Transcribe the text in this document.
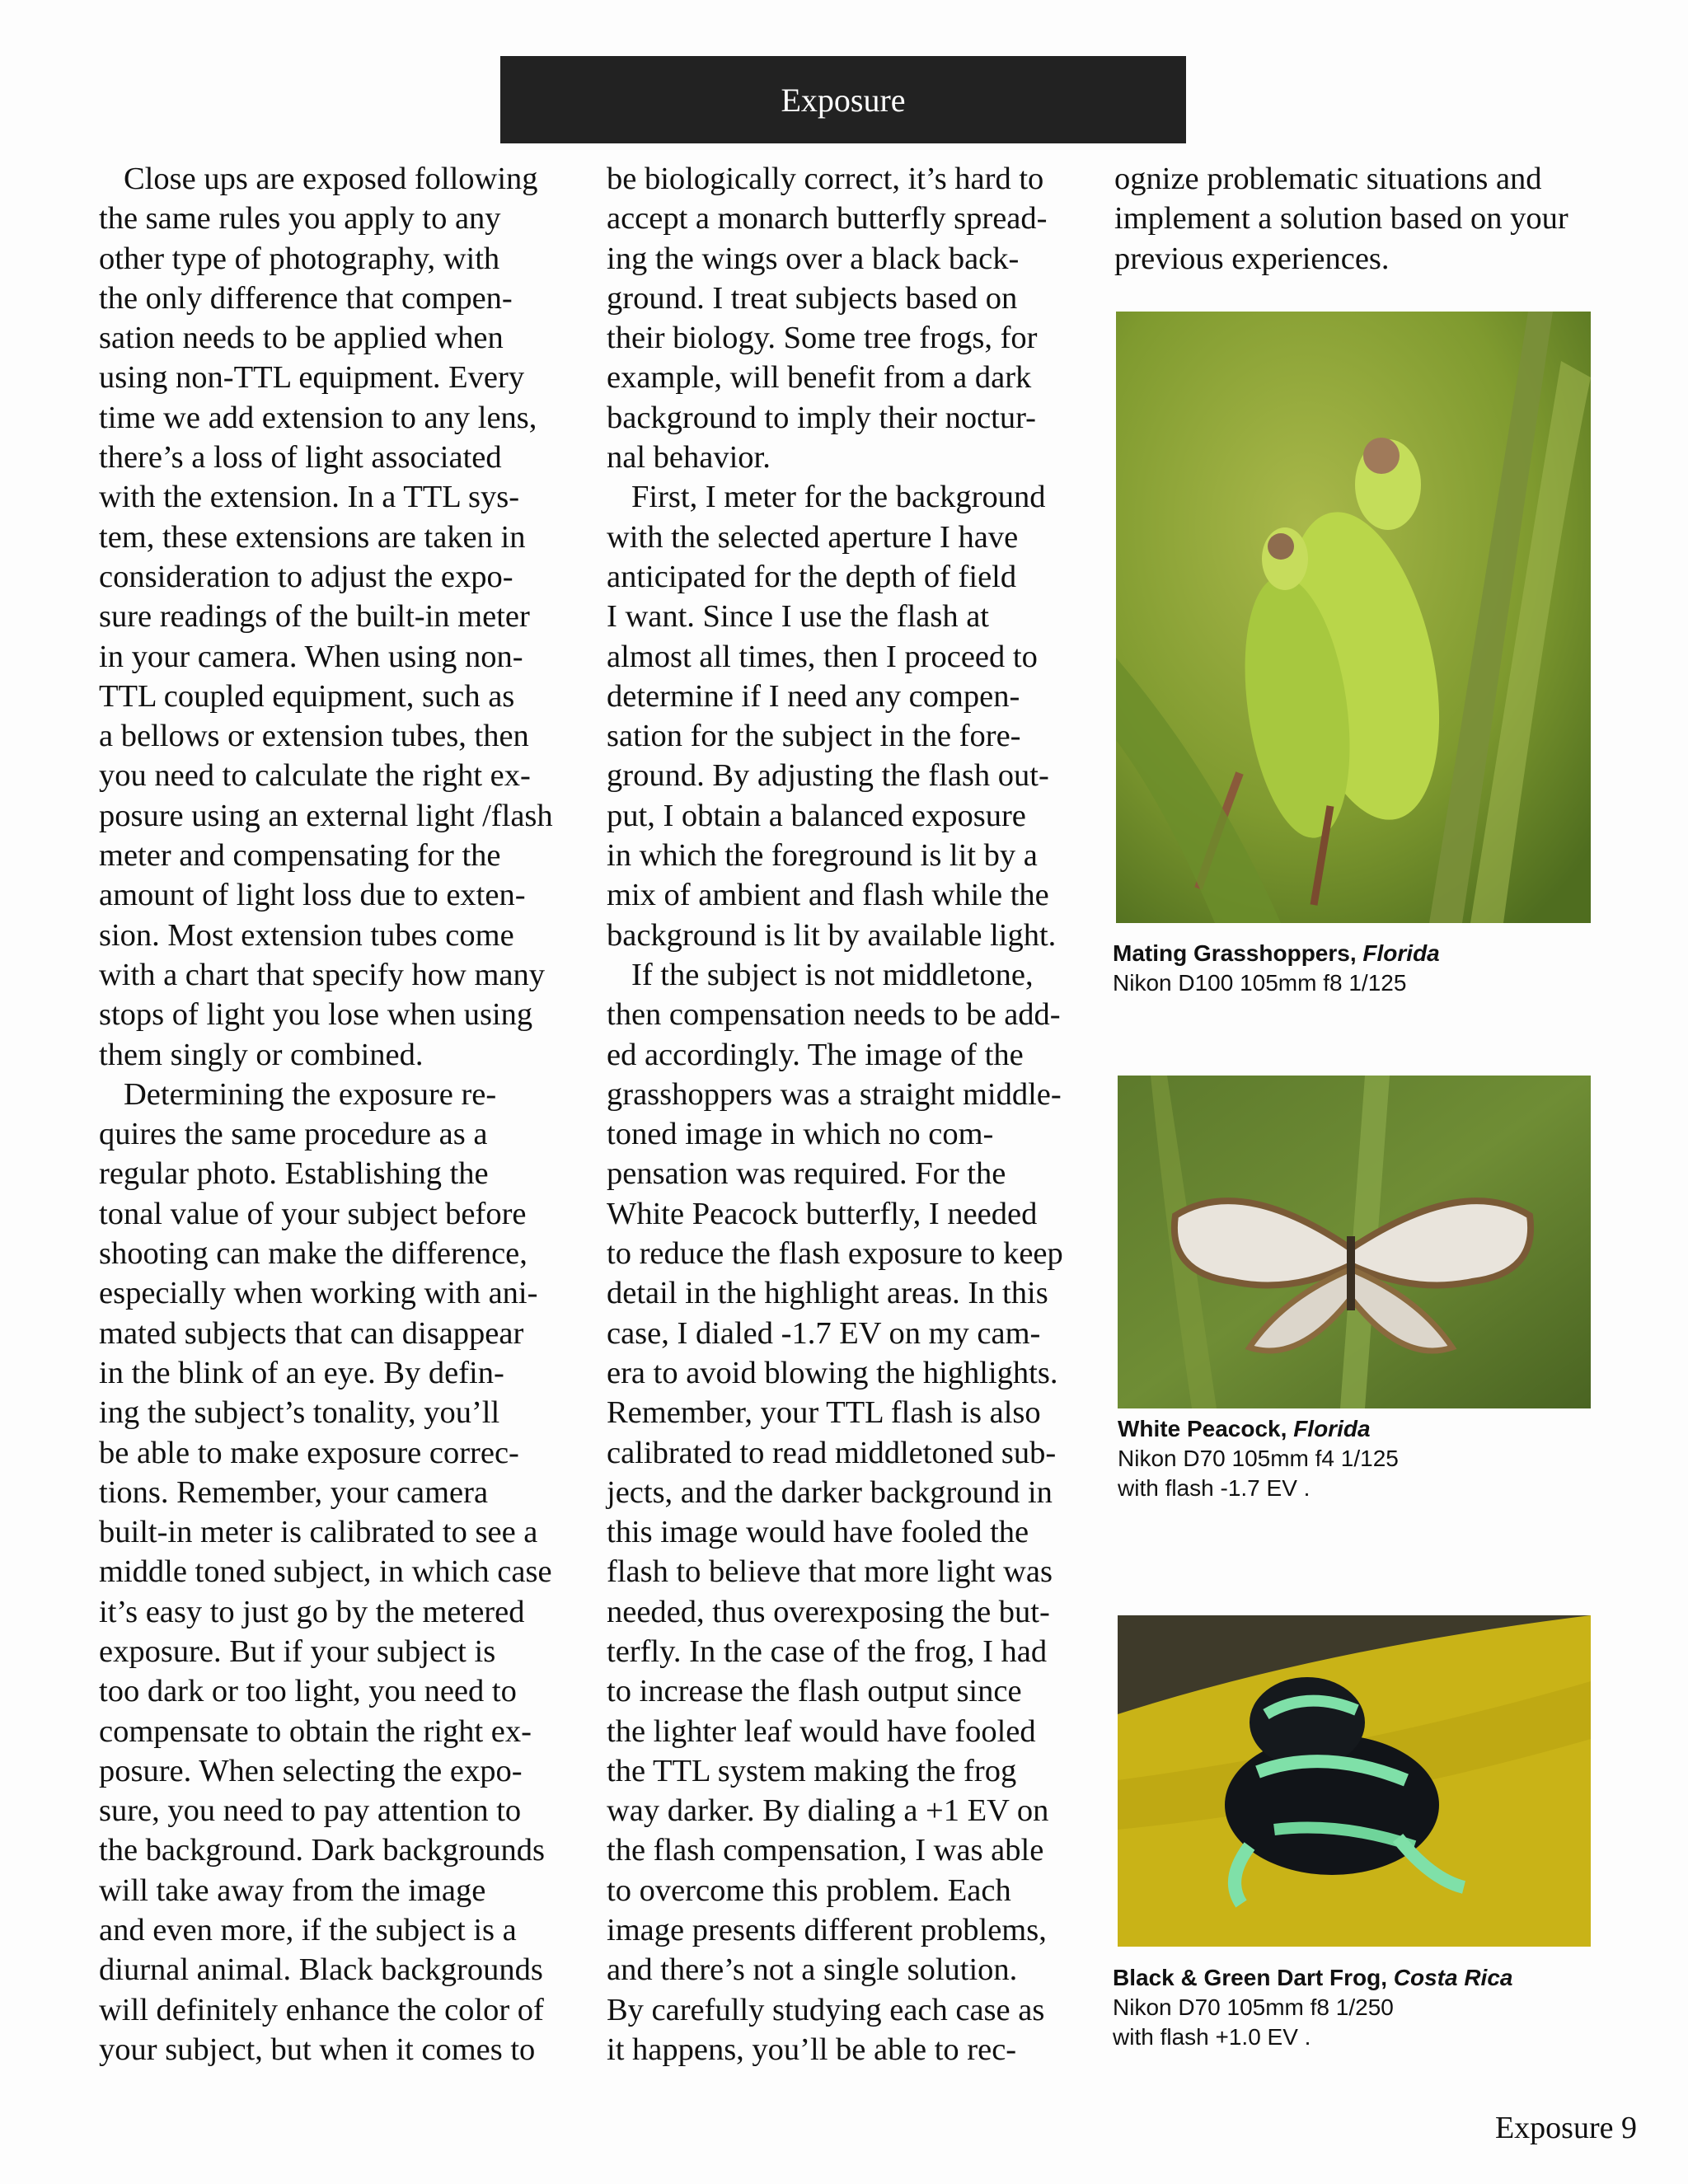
Exposure
Close ups are exposed following
the same rules you apply to any
other type of photography, with
the only difference that compen-
sation needs to be applied when
using non-TTL equipment. Every
time we add extension to any lens,
there’s a loss of light associated
with the extension. In a TTL sys-
tem, these extensions are taken in
consideration to adjust the expo-
sure readings of the built-in meter
in your camera. When using non-
TTL coupled equipment, such as
a bellows or extension tubes, then
you need to calculate the right ex-
posure using an external light /flash
meter and compensating for the
amount of light loss due to exten-
sion. Most extension tubes come
with a chart that specify how many
stops of light you lose when using
them singly or combined.
Determining the exposure re-
quires the same procedure as a
regular photo. Establishing the
tonal value of your subject before
shooting can make the difference,
especially when working with ani-
mated subjects that can disappear
in the blink of an eye. By defin-
ing the subject’s tonality, you’ll
be able to make exposure correc-
tions. Remember, your camera
built-in meter is calibrated to see a
middle toned subject, in which case
it’s easy to just go by the metered
exposure. But if your subject is
too dark or too light, you need to
compensate to obtain the right ex-
posure. When selecting the expo-
sure, you need to pay attention to
the background. Dark backgrounds
will take away from the image
and even more, if the subject is a
diurnal animal. Black backgrounds
will definitely enhance the color of
your subject, but when it comes to
be biologically correct, it’s hard to
accept a monarch butterfly spread-
ing the wings over a black back-
ground. I treat subjects based on
their biology. Some tree frogs, for
example, will benefit from a dark
background to imply their noctur-
nal behavior.
First, I meter for the background
with the selected aperture I have
anticipated for the depth of field
I want. Since I use the flash at
almost all times, then I proceed to
determine if I need any compen-
sation for the subject in the fore-
ground. By adjusting the flash out-
put, I obtain a balanced exposure
in which the foreground is lit by a
mix of ambient and flash while the
background is lit by available light.
If the subject is not middletone,
then compensation needs to be add-
ed accordingly. The image of the
grasshoppers was a straight middle-
toned image in which no com-
pensation was required. For the
White Peacock butterfly, I needed
to reduce the flash exposure to keep
detail in the highlight areas. In this
case, I dialed -1.7 EV on my cam-
era to avoid blowing the highlights.
Remember, your TTL flash is also
calibrated to read middletoned sub-
jects, and the darker background in
this image would have fooled the
flash to believe that more light was
needed, thus overexposing the but-
terfly. In the case of the frog, I had
to increase the flash output since
the lighter leaf would have fooled
the TTL system making the frog
way darker. By dialing a +1 EV on
the flash compensation, I was able
to overcome this problem. Each
image presents different problems,
and there’s not a single solution.
By carefully studying each case as
it happens, you’ll be able to rec-
ognize problematic situations and
implement a solution based on your
previous experiences.
Mating Grasshoppers, Florida
Nikon D100 105mm f8 1/125
White Peacock, Florida
Nikon D70 105mm f4 1/125
with flash -1.7 EV .
Black & Green Dart Frog, Costa Rica
Nikon D70 105mm f8 1/250
with flash +1.0 EV .
Exposure 9
